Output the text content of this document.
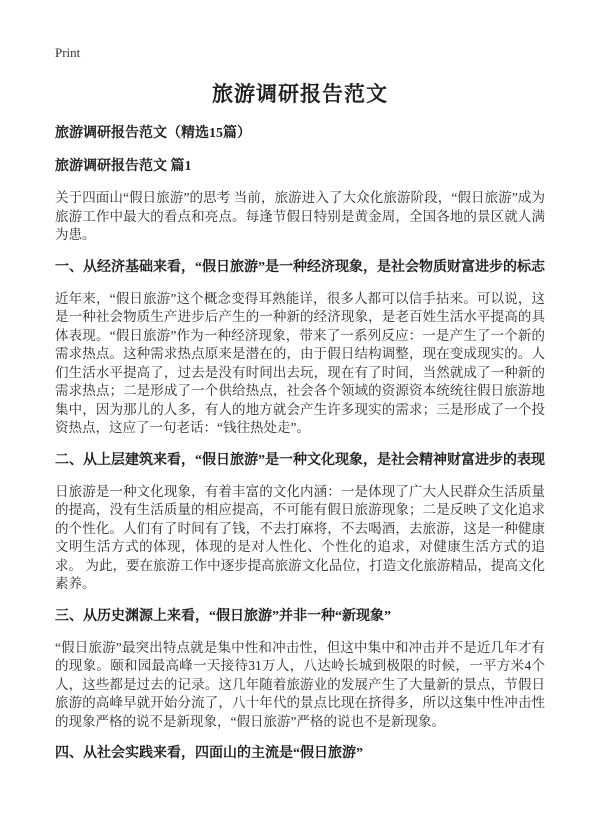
Print
旅游调研报告范文
旅游调研报告范文（精选15篇）
旅游调研报告范文 篇1

关于四面山“假日旅游”的思考 当前，旅游进入了大众化旅游阶段，“假日旅游”成为旅游工作中最大的看点和亮点。每逢节假日特别是黄金周，全国各地的景区就人满为患。

一、从经济基础来看，“假日旅游”是一种经济现象，是社会物质财富进步的标志

近年来，“假日旅游”这个概念变得耳熟能详，很多人都可以信手拈来。可以说，这是一种社会物质生产进步后产生的一种新的经济现象，是老百姓生活水平提高的具体表现。“假日旅游”作为一种经济现象，带来了一系列反应：一是产生了一个新的需求热点。这种需求热点原来是潜在的，由于假日结构调整，现在变成现实的。人们生活水平提高了，过去是没有时间出去玩，现在有了时间，当然就成了一种新的需求热点；二是形成了一个供给热点，社会各个领域的资源资本统统往假日旅游地集中，因为那儿的人多，有人的地方就会产生许多现实的需求；三是形成了一个投资热点，这应了一句老话：“钱往热处走”。

二、从上层建筑来看，“假日旅游”是一种文化现象，是社会精神财富进步的表现

日旅游是一种文化现象，有着丰富的文化内涵：一是体现了广大人民群众生活质量的提高，没有生活质量的相应提高，不可能有假日旅游现象；二是反映了文化追求的个性化。人们有了时间有了钱，不去打麻将，不去喝酒，去旅游，这是一种健康文明生活方式的体现，体现的是对人性化、个性化的追求，对健康生活方式的追求。 为此，要在旅游工作中逐步提高旅游文化品位，打造文化旅游精品，提高文化素养。

三、从历史渊源上来看，“假日旅游”并非一种“新现象”

“假日旅游”最突出特点就是集中性和冲击性，但这中集中和冲击并不是近几年才有的现象。颐和园最高峰一天接待31万人，八达岭长城到极限的时候，一平方米4个人，这些都是过去的记录。这几年随着旅游业的发展产生了大量新的景点，节假日旅游的高峰早就开始分流了，八十年代的景点比现在挤得多，所以这集中性冲击性的现象严格的说不是新现象，“假日旅游”严格的说也不是新现象。

四、从社会实践来看，四面山的主流是“假日旅游”
